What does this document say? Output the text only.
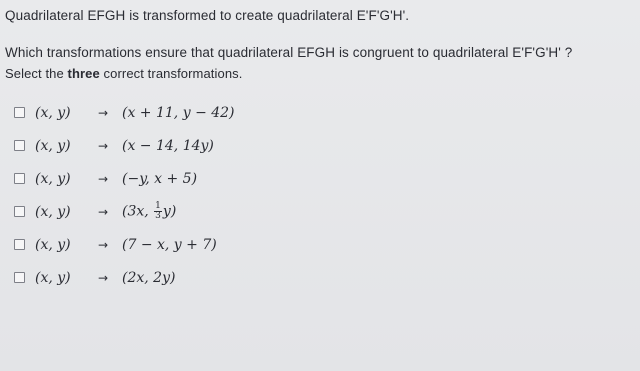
Quadrilateral EFGH is transformed to create quadrilateral E'F'G'H'.
Which transformations ensure that quadrilateral EFGH is congruent to quadrilateral E'F'G'H' ?
Select the three correct transformations.
(x, y)	→ (x + 11, y − 42)
(x, y)	→ (x − 14, 14y)
(x, y)	→ (−y, x + 5)
(x, y)	→ (3x, $\frac{1}{3} y$)
(x, y)	→ (7 − x, y + 7)
(x, y)	→ (2x, 2y)
